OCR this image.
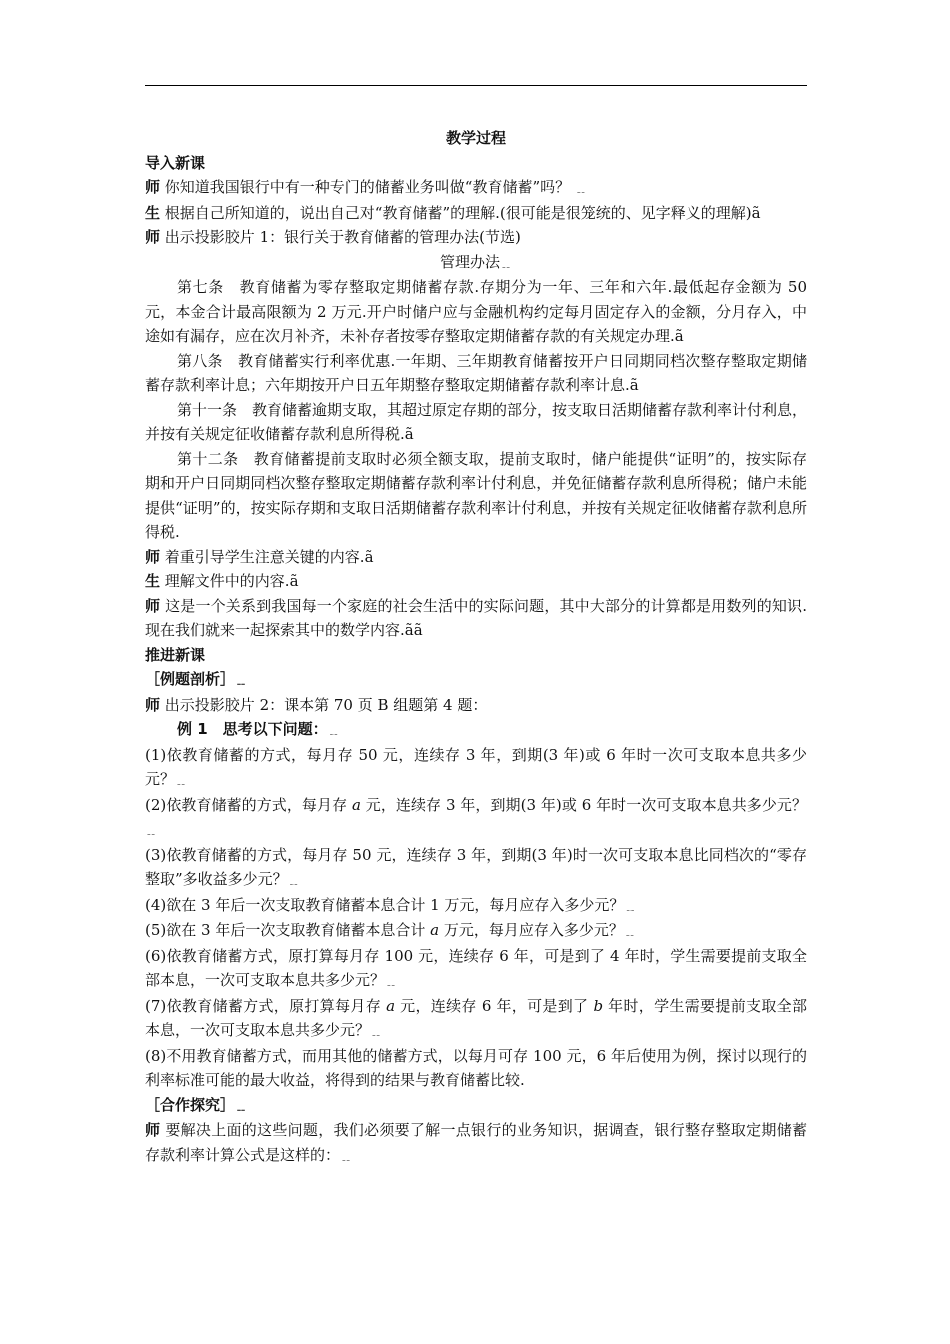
教学过程
导入新课

师 你知道我国银行中有一种专门的储蓄业务叫做“教育储蓄”吗？ ﹎

生 根据自己所知道的，说出自己对“教育储蓄”的理解.(很可能是很笼统的、见字释义的理解)ã

师 出示投影胶片 1：银行关于教育储蓄的管理办法(节选)

管理办法﹎

第七条　教育储蓄为零存整取定期储蓄存款.存期分为一年、三年和六年.最低起存金额为 50 元，本金合计最高限额为 2 万元.开户时储户应与金融机构约定每月固定存入的金额，分月存入，中途如有漏存，应在次月补齐，未补存者按零存整取定期储蓄存款的有关规定办理.ã

第八条　教育储蓄实行利率优惠.一年期、三年期教育储蓄按开户日同期同档次整存整取定期储蓄存款利率计息；六年期按开户日五年期整存整取定期储蓄存款利率计息.ã

第十一条　教育储蓄逾期支取，其超过原定存期的部分，按支取日活期储蓄存款利率计付利息，并按有关规定征收储蓄存款利息所得税.ã

第十二条　教育储蓄提前支取时必须全额支取，提前支取时，储户能提供“证明”的，按实际存期和开户日同期同档次整存整取定期储蓄存款利率计付利息，并免征储蓄存款利息所得税；储户未能提供“证明”的，按实际存期和支取日活期储蓄存款利率计付利息，并按有关规定征收储蓄存款利息所得税.

师 着重引导学生注意关键的内容.ã

生 理解文件中的内容.ã

师 这是一个关系到我国每一个家庭的社会生活中的实际问题，其中大部分的计算都是用数列的知识.现在我们就来一起探索其中的数学内容.ãã

推进新课
［例题剖析］﹎

师 出示投影胶片 2：课本第 70 页 B 组题第 4 题：

例 1　思考以下问题：﹎

(1)依教育储蓄的方式，每月存 50 元，连续存 3 年，到期(3 年)或 6 年时一次可支取本息共多少元？﹎

(2)依教育储蓄的方式，每月存 a 元，连续存 3 年，到期(3 年)或 6 年时一次可支取本息共多少元？﹎

(3)依教育储蓄的方式，每月存 50 元，连续存 3 年，到期(3 年)时一次可支取本息比同档次的“零存整取”多收益多少元？﹎

(4)欲在 3 年后一次支取教育储蓄本息合计 1 万元，每月应存入多少元？﹎

(5)欲在 3 年后一次支取教育储蓄本息合计 a 万元，每月应存入多少元？﹎

(6)依教育储蓄方式，原打算每月存 100 元，连续存 6 年，可是到了 4 年时，学生需要提前支取全部本息，一次可支取本息共多少元？﹎

(7)依教育储蓄方式，原打算每月存 a 元，连续存 6 年，可是到了 b 年时，学生需要提前支取全部本息，一次可支取本息共多少元？﹎

(8)不用教育储蓄方式，而用其他的储蓄方式，以每月可存 100 元，6 年后使用为例，探讨以现行的利率标准可能的最大收益，将得到的结果与教育储蓄比较.

［合作探究］﹎

师 要解决上面的这些问题，我们必须要了解一点银行的业务知识，据调查，银行整存整取定期储蓄存款利率计算公式是这样的：﹎
